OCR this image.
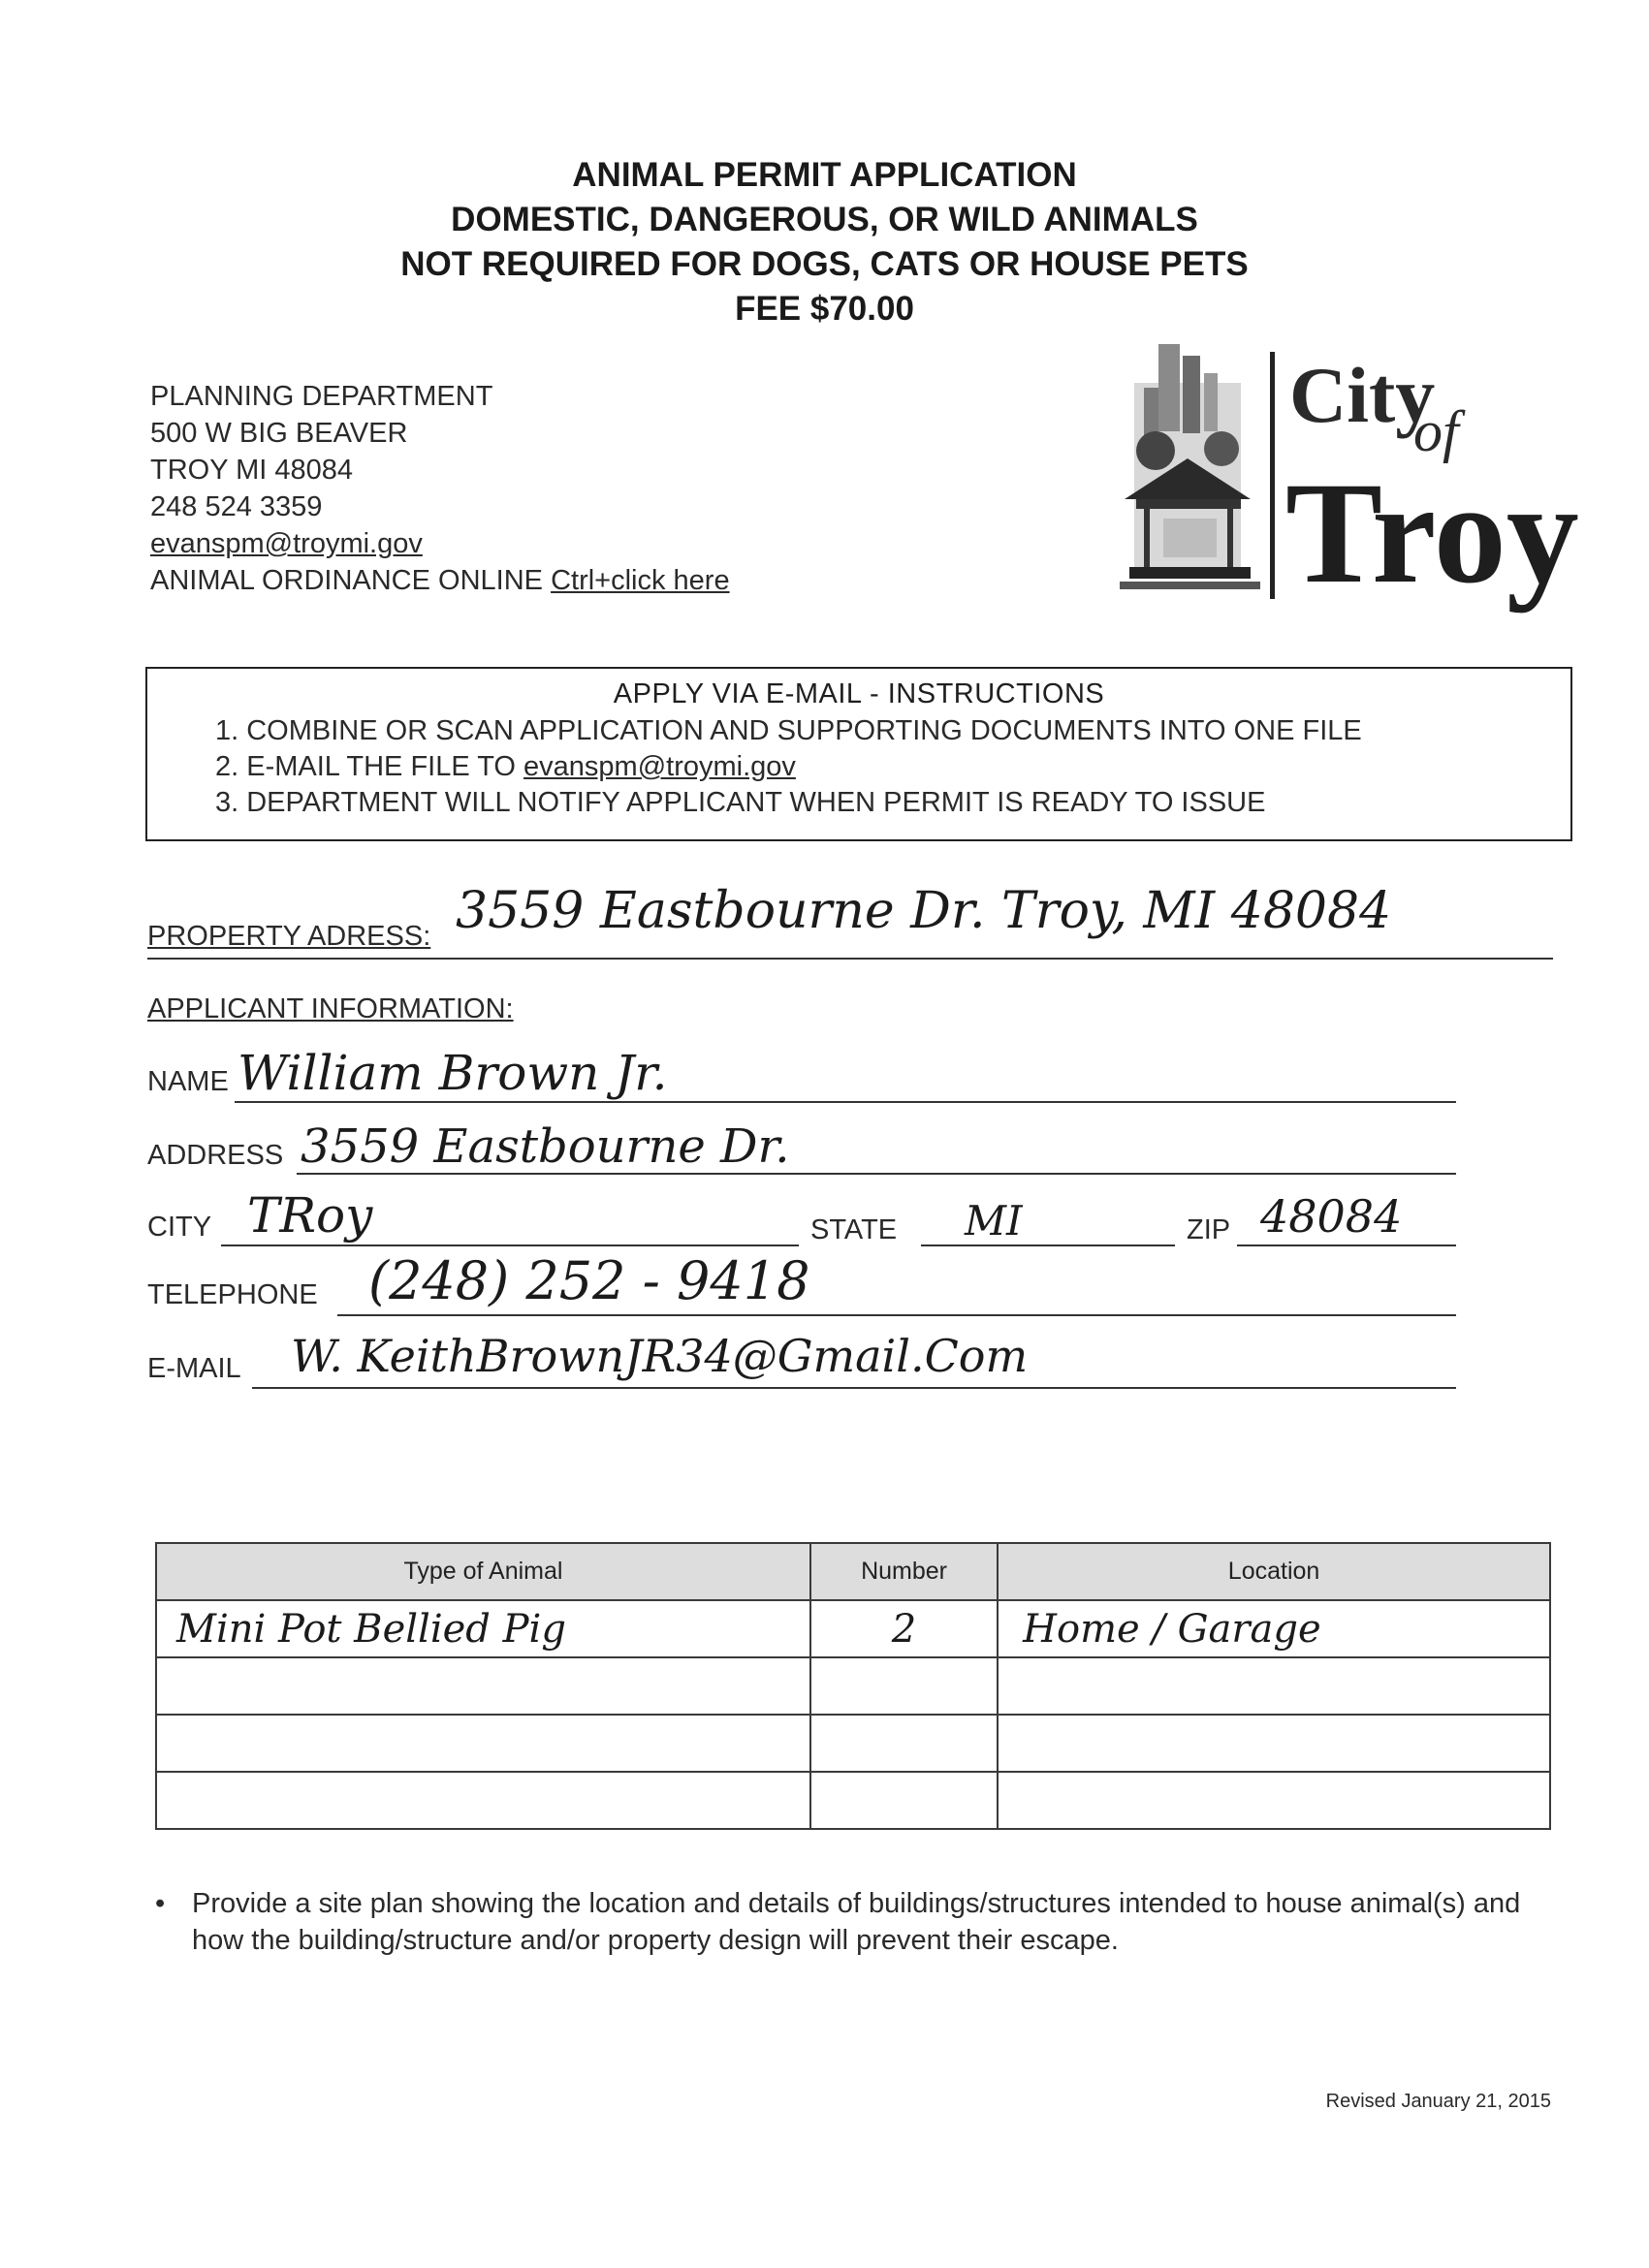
ANIMAL PERMIT APPLICATION
DOMESTIC, DANGEROUS, OR WILD ANIMALS
NOT REQUIRED FOR DOGS, CATS OR HOUSE PETS
FEE $70.00
PLANNING DEPARTMENT
500 W BIG BEAVER
TROY MI 48084
248 524 3359
evanspm@troymi.gov
ANIMAL ORDINANCE ONLINE Ctrl+click here
City
of
Troy
APPLY VIA E-MAIL - INSTRUCTIONS
1. COMBINE OR SCAN APPLICATION AND SUPPORTING DOCUMENTS INTO ONE FILE
2. E-MAIL THE FILE TO evanspm@troymi.gov
3. DEPARTMENT WILL NOTIFY APPLICANT WHEN PERMIT IS READY TO ISSUE
PROPERTY ADRESS: 3559 Eastbourne Dr. Troy, MI 48084
APPLICANT INFORMATION:
NAME William Brown Jr.
ADDRESS 3559 Eastbourne Dr.
CITY TRoy	STATE MI	ZIP 48084
TELEPHONE (248) 252 - 9418
E-MAIL W. KeithBrownJR34@Gmail.Com
Type of Animal	Number	Location
Mini Pot Bellied Pig	2	Home / Garage

• Provide a site plan showing the location and details of buildings/structures intended to house animal(s) and how the building/structure and/or property design will prevent their escape.
Revised January 21, 2015
